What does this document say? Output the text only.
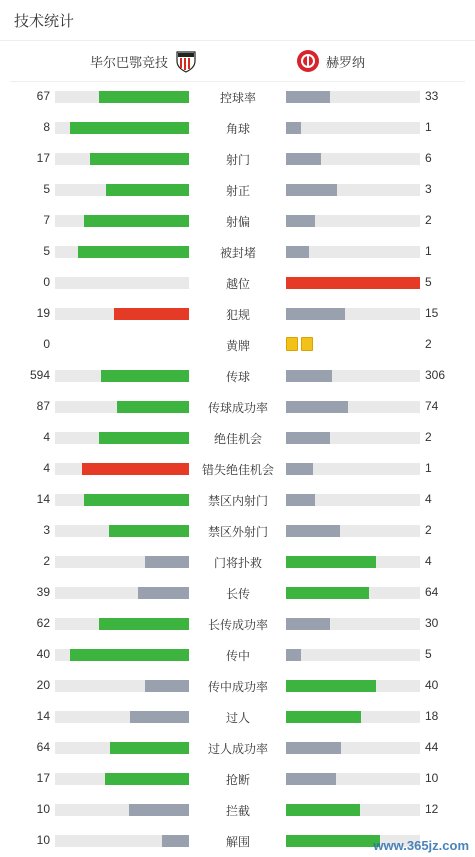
技术统计
毕尔巴鄂竞技	赫罗纳
67	控球率	33
8	角球	1
17	射门	6
5	射正	3
7	射偏	2
5	被封堵	1
0	越位	5
19	犯规	15
0	黄牌	2
594	传球	306
87	传球成功率	74
4	绝佳机会	2
4	错失绝佳机会	1
14	禁区内射门	4
3	禁区外射门	2
2	门将扑救	4
39	长传	64
62	长传成功率	30
40	传中	5
20	传中成功率	40
14	过人	18
64	过人成功率	44
17	抢断	10
10	拦截	12
10	解围	www.365jz.com
